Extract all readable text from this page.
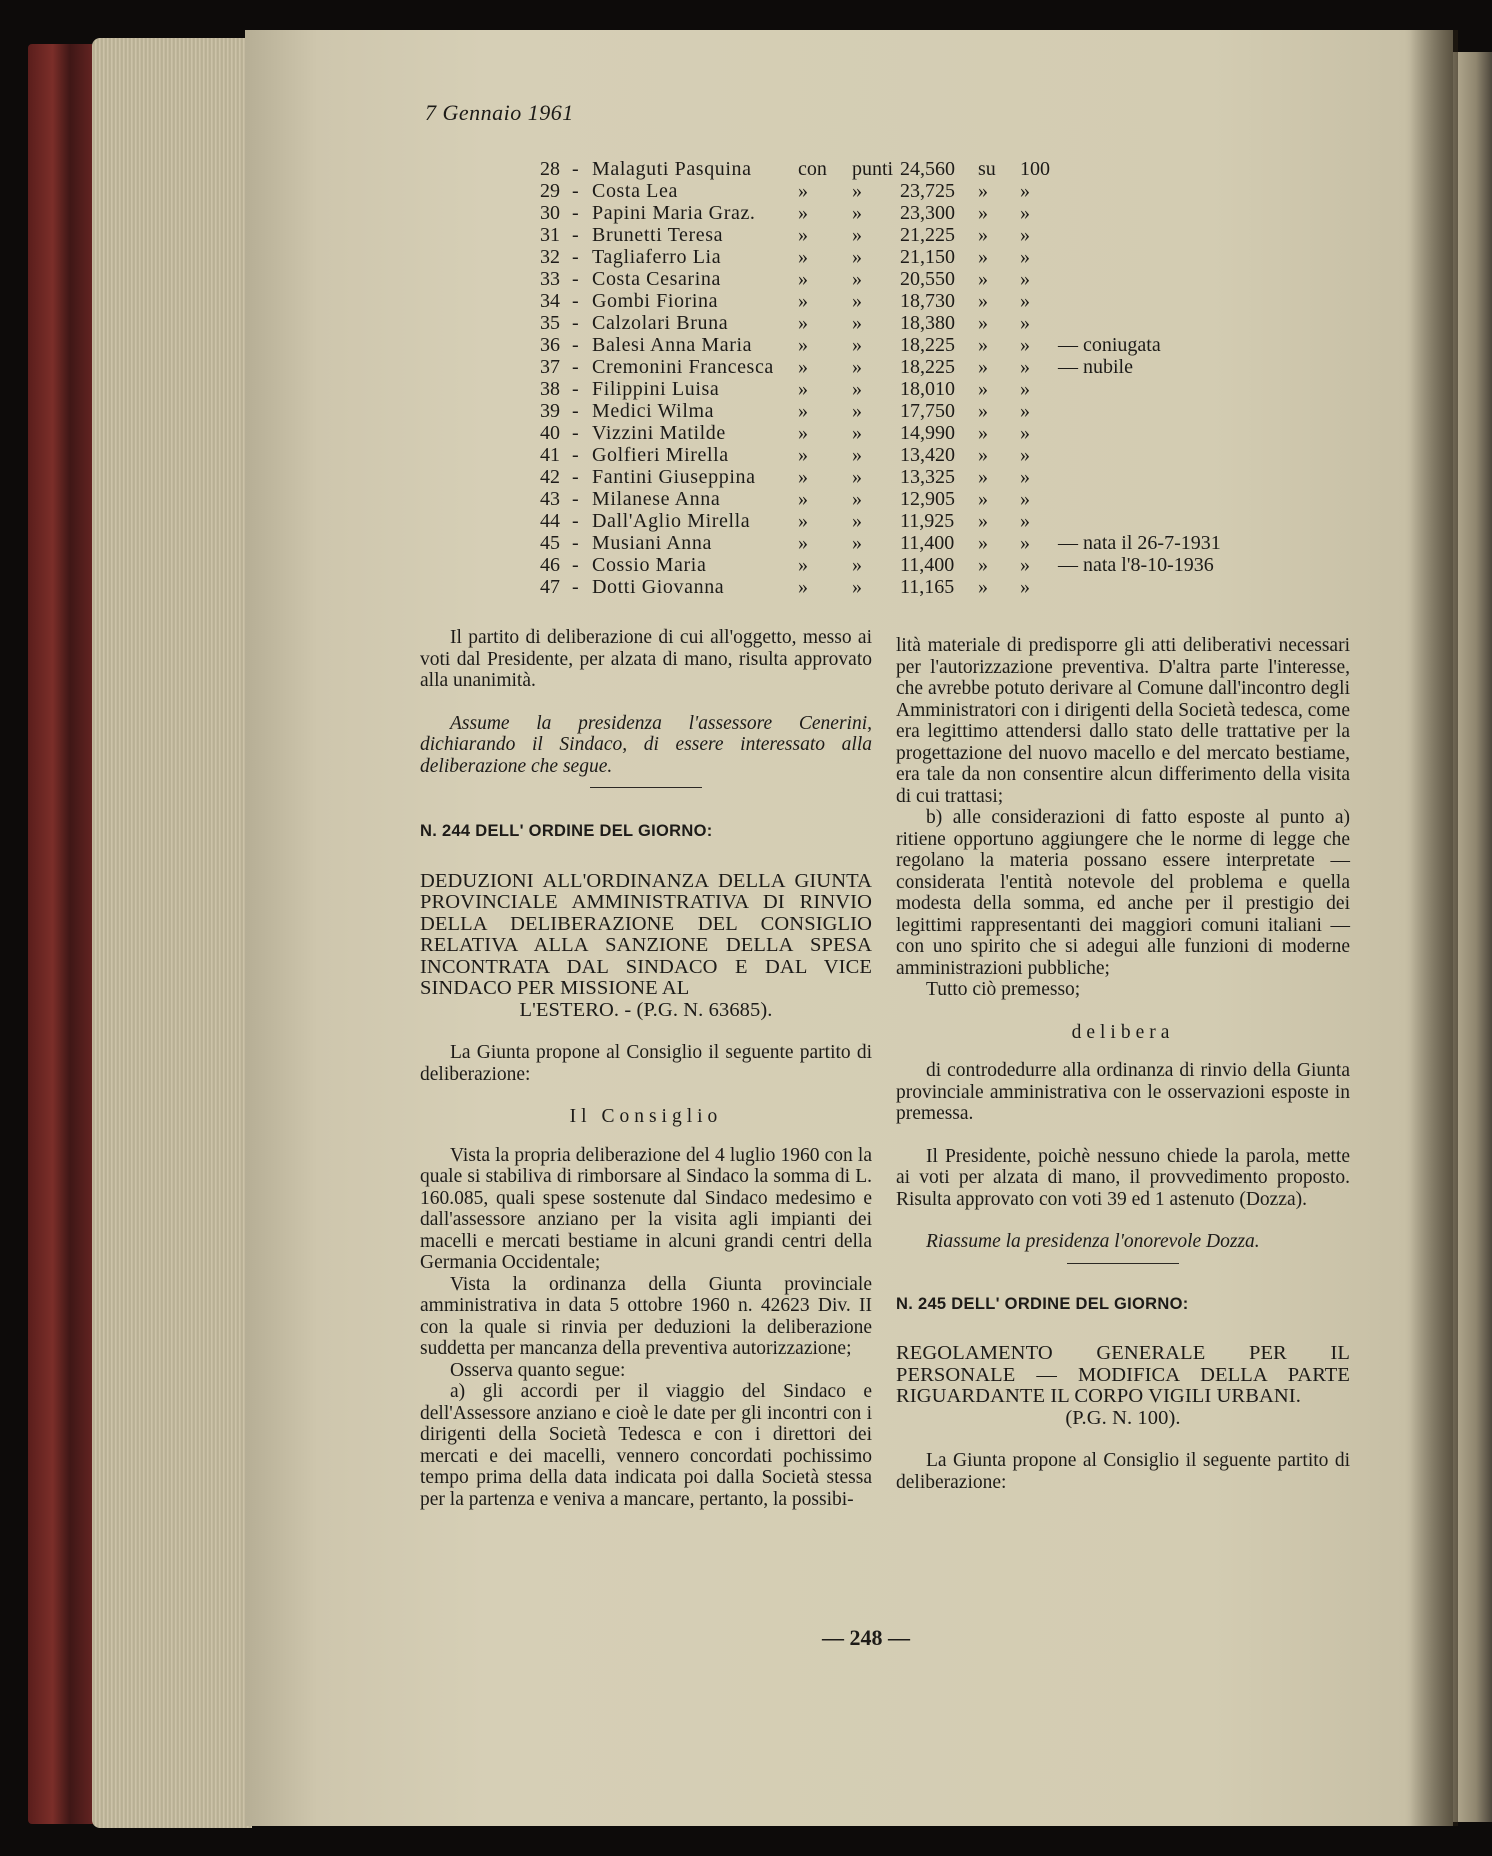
7 Gennaio 1961
28 - Malaguti Pasquina con punti 24,560 su 100
29 - Costa Lea	» » 23,725 » »
30 - Papini Maria Graz. » » 23,300 » »
31 - Brunetti Teresa	» » 21,225 » »
32 - Tagliaferro Lia	» » 21,150 » »
33 - Costa Cesarina	» » 20,550 » »
34 - Gombi Fiorina	» » 18,730 » »
35 - Calzolari Bruna	» » 18,380 » »
36 - Balesi Anna Maria » » 18,225 » » — coniugata
37 - Cremonini Francesca » » 18,225 » » — nubile
38 - Filippini Luisa	» » 18,010 » »
39 - Medici Wilma	» » 17,750 » »
40 - Vizzini Matilde	» » 14,990 » »
41 - Golfieri Mirella	» » 13,420 » »
42 - Fantini Giuseppina » » 13,325 » »
43 - Milanese Anna	» » 12,905 » »
44 - Dall'Aglio Mirella » » 11,925 » »
45 - Musiani Anna	» » 11,400 » » — nata il 26-7-1931
46 - Cossio Maria	» » 11,400 » » — nata l'8-10-1936
47 - Dotti Giovanna	» » 11,165 » »

Il partito di deliberazione di cui all'oggetto, messo ai voti dal Presidente, per alzata di mano, risulta approvato alla unanimità.

Assume la presidenza l'assessore Cenerini, dichiarando il Sindaco, di essere interessato alla deliberazione che segue.

N. 244 DELL' ORDINE DEL GIORNO:

DEDUZIONI ALL'ORDINANZA DELLA GIUNTA PROVINCIALE AMMINISTRATIVA DI RINVIO DELLA DELIBERAZIONE DEL CONSIGLIO RELATIVA ALLA SANZIONE DELLA SPESA INCONTRATA DAL SINDACO E DAL VICE SINDACO PER MISSIONE AL
L'ESTERO. - (P.G. N. 63685).

La Giunta propone al Consiglio il seguente partito di deliberazione:

Il Consiglio

Vista la propria deliberazione del 4 luglio 1960 con la quale si stabiliva di rimborsare al Sindaco la somma di L. 160.085, quali spese sostenute dal Sindaco medesimo e dall'assessore anziano per la visita agli impianti dei macelli e mercati bestiame in alcuni grandi centri della Germania Occidentale;

Vista la ordinanza della Giunta provinciale amministrativa in data 5 ottobre 1960 n. 42623 Div. II con la quale si rinvia per deduzioni la deliberazione suddetta per mancanza della preventiva autorizzazione;

Osserva quanto segue:

a) gli accordi per il viaggio del Sindaco e dell'Assessore anziano e cioè le date per gli incontri con i dirigenti della Società Tedesca e con i direttori dei mercati e dei macelli, vennero concordati pochissimo tempo prima della data indicata poi dalla Società stessa per la partenza e veniva a mancare, pertanto, la possibi-

lità materiale di predisporre gli atti deliberativi necessari per l'autorizzazione preventiva. D'altra parte l'interesse, che avrebbe potuto derivare al Comune dall'incontro degli Amministratori con i dirigenti della Società tedesca, come era legittimo attendersi dallo stato delle trattative per la progettazione del nuovo macello e del mercato bestiame, era tale da non consentire alcun differimento della visita di cui trattasi;

b) alle considerazioni di fatto esposte al punto a) ritiene opportuno aggiungere che le norme di legge che regolano la materia possano essere interpretate — considerata l'entità notevole del problema e quella modesta della somma, ed anche per il prestigio dei legittimi rappresentanti dei maggiori comuni italiani — con uno spirito che si adegui alle funzioni di moderne amministrazioni pubbliche;

Tutto ciò premesso;

delibera

di controdedurre alla ordinanza di rinvio della Giunta provinciale amministrativa con le osservazioni esposte in premessa.

Il Presidente, poichè nessuno chiede la parola, mette ai voti per alzata di mano, il provvedimento proposto. Risulta approvato con voti 39 ed 1 astenuto (Dozza).

Riassume la presidenza l'onorevole Dozza.

N. 245 DELL' ORDINE DEL GIORNO:

REGOLAMENTO GENERALE PER IL PERSONALE — MODIFICA DELLA PARTE RIGUARDANTE IL CORPO VIGILI URBANI.
(P.G. N. 100).

La Giunta propone al Consiglio il seguente partito di deliberazione:

— 248 —
